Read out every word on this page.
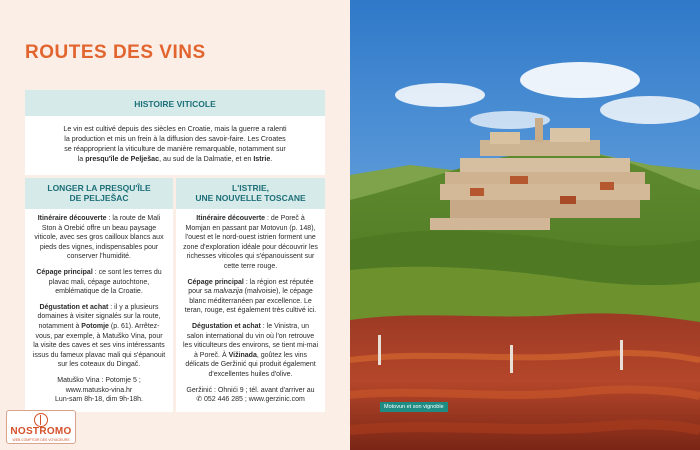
ROUTES DES VINS
HISTOIRE VITICOLE
Le vin est cultivé depuis des siècles en Croatie, mais la guerre a ralenti
la production et mis un frein à la diffusion des savoir-faire. Les Croates
se réapproprient la viticulture de manière remarquable, notamment sur
la presqu'île de Pelješac, au sud de la Dalmatie, et en Istrie.
LONGER LA PRESQU'ÎLE
DE PELJEŠAC

Itinéraire découverte : la route de Mali Ston à Orebić offre un beau paysage viticole, avec ses gros cailloux blancs aux pieds des vignes, indispensables pour conserver l'humidité.

Cépage principal : ce sont les terres du plavac mali, cépage autochtone, emblématique de la Croatie.

Dégustation et achat : il y a plusieurs domaines à visiter signalés sur la route, notamment à Potomje (p. 61). Arrêtez-vous, par exemple, à Matuško Vina, pour la visite des caves et ses vins intéressants issus du fameux plavac mali qui s'épanouit sur les coteaux du Dingač.

Matuško Vina : Potomje 5 ;
www.matusko-vina.hr
Lun-sam 8h-18, dim 9h-18h.

L'ISTRIE,
UNE NOUVELLE TOSCANE

Itinéraire découverte : de Poreč à Momjan en passant par Motovun (p. 148), l'ouest et le nord-ouest istrien forment une zone d'exploration idéale pour découvrir les richesses viticoles qui s'épanouissent sur cette terre rouge.

Cépage principal : la région est réputée pour sa malvazija (malvoisie), le cépage blanc méditerranéen par excellence. Le teran, rouge, est également très cultivé ici.

Dégustation et achat : le Vinistra, un salon international du vin où l'on retrouve les viticulteurs des environs, se tient mi-mai à Poreč. À Vižinada, goûtez les vins délicats de Geržinić qui produit également d'excellentes huiles d'olive.

Geržinić : Ohnići 9 ; tél. avant d'arriver au
✆ 052 446 285 ; www.gerzinic.com

NOSTROMO
WEB COMPTOIR DES VOYAGEURS
Motovun et son vignoble
